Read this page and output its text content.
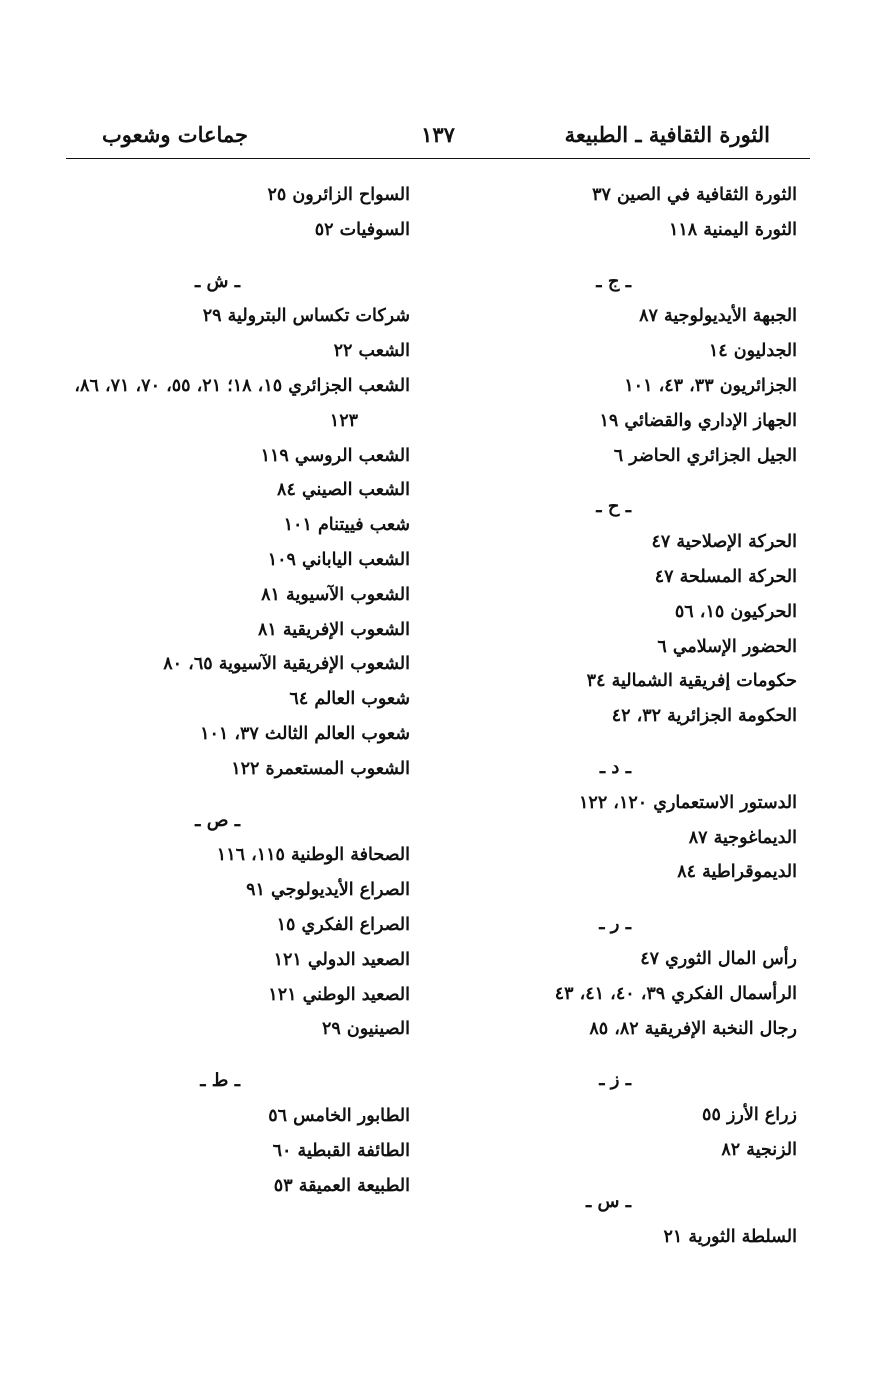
الثورة الثقافية ـ الطبيعة
١٣٧
جماعات وشعوب
الثورة الثقافية في الصين ٣٧
الثورة اليمنية ١١٨
ـ ج ـ
الجبهة الأيديولوجية ٨٧
الجدليون ١٤
الجزائريون ٣٣، ٤٣، ١٠١
الجهاز الإداري والقضائي ١٩
الجيل الجزائري الحاضر ٦
ـ ح ـ
الحركة الإصلاحية ٤٧
الحركة المسلحة ٤٧
الحركيون ١٥، ٥٦
الحضور الإسلامي ٦
حكومات إفريقية الشمالية ٣٤
الحكومة الجزائرية ٣٢، ٤٢
ـ د ـ
الدستور الاستعماري ١٢٠، ١٢٢
الديماغوجية ٨٧
الديموقراطية ٨٤
ـ ر ـ
رأس المال الثوري ٤٧
الرأسمال الفكري ٣٩، ٤٠، ٤١، ٤٣
رجال النخبة الإفريقية ٨٢، ٨٥
ـ ز ـ
زراع الأرز ٥٥
الزنجية ٨٢
ـ س ـ
السلطة الثورية ٢١
السواح الزائرون ٢٥
السوفيات ٥٢
ـ ش ـ
شركات تكساس البترولية ٢٩
الشعب ٢٢
الشعب الجزائري ١٥، ١٨؛ ٢١، ٥٥، ٧٠، ٧١، ٨٦،
١٢٣
الشعب الروسي ١١٩
الشعب الصيني ٨٤
شعب فييتنام ١٠١
الشعب الياباني ١٠٩
الشعوب الآسيوية ٨١
الشعوب الإفريقية ٨١
الشعوب الإفريقية الآسيوية ٦٥، ٨٠
شعوب العالم ٦٤
شعوب العالم الثالث ٣٧، ١٠١
الشعوب المستعمرة ١٢٢
ـ ص ـ
الصحافة الوطنية ١١٥، ١١٦
الصراع الأيديولوجي ٩١
الصراع الفكري ١٥
الصعيد الدولي ١٢١
الصعيد الوطني ١٢١
الصينيون ٢٩
ـ ط ـ
الطابور الخامس ٥٦
الطائفة القبطية ٦٠
الطبيعة العميقة ٥٣
